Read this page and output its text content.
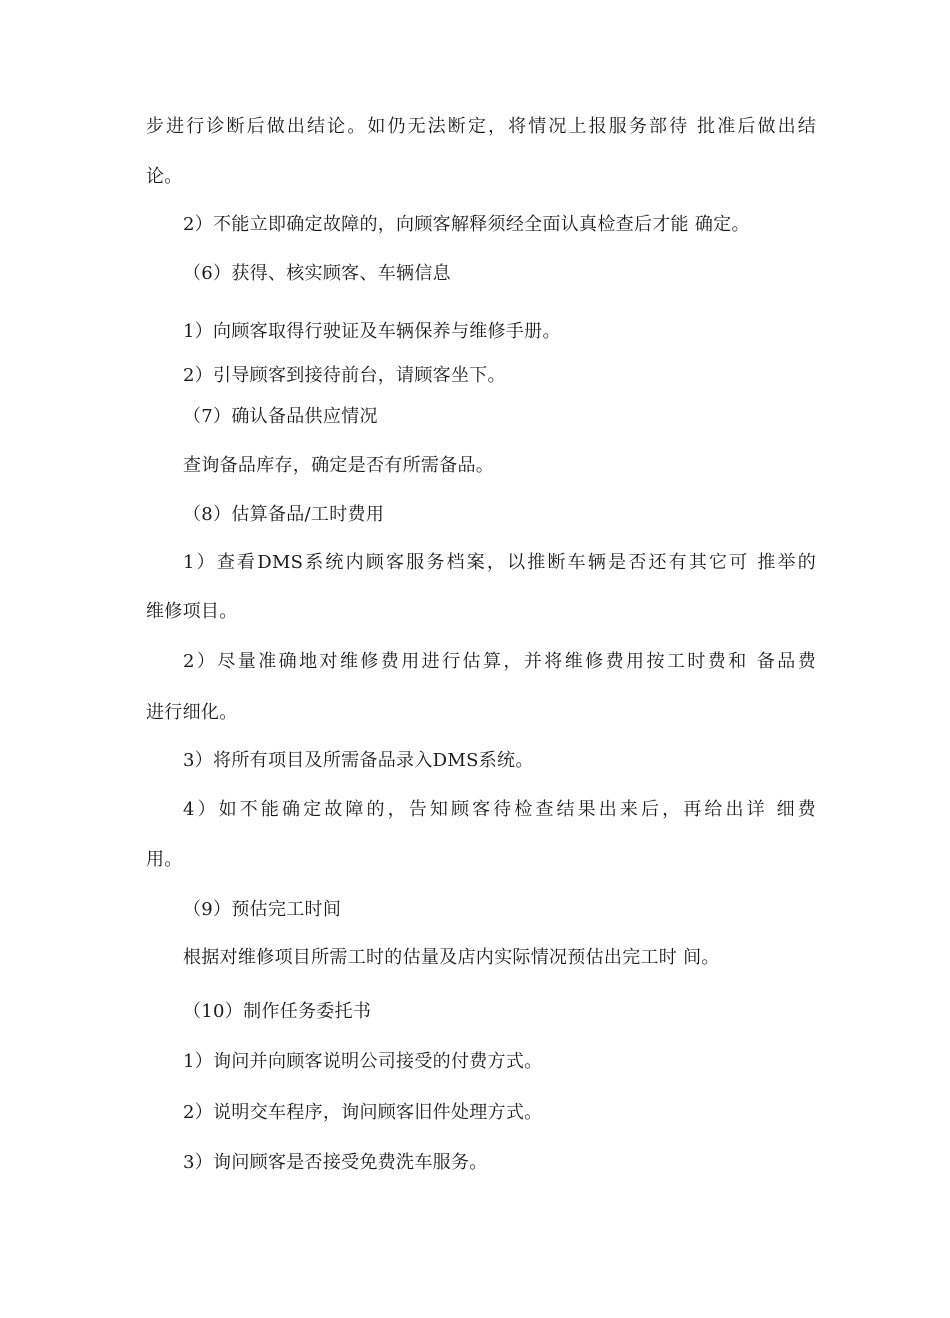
步进行诊断后做出结论。如仍无法断定，将情况上报服务部待 批准后做出结
论。
2）不能立即确定故障的，向顾客解释须经全面认真检查后才能 确定。
（6）获得、核实顾客、车辆信息
1）向顾客取得行驶证及车辆保养与维修手册。
2）引导顾客到接待前台，请顾客坐下。
（7）确认备品供应情况
查询备品库存，确定是否有所需备品。
（8）估算备品/工时费用
1）查看DMS系统内顾客服务档案，以推断车辆是否还有其它可 推举的
维修项目。
2）尽量准确地对维修费用进行估算，并将维修费用按工时费和 备品费
进行细化。
3）将所有项目及所需备品录入DMS系统。
4）如不能确定故障的，告知顾客待检查结果出来后，再给出详 细费
用。
（9）预估完工时间
根据对维修项目所需工时的估量及店内实际情况预估出完工时 间。
（10）制作任务委托书
1）询问并向顾客说明公司接受的付费方式。
2）说明交车程序，询问顾客旧件处理方式。
3）询问顾客是否接受免费洗车服务。
